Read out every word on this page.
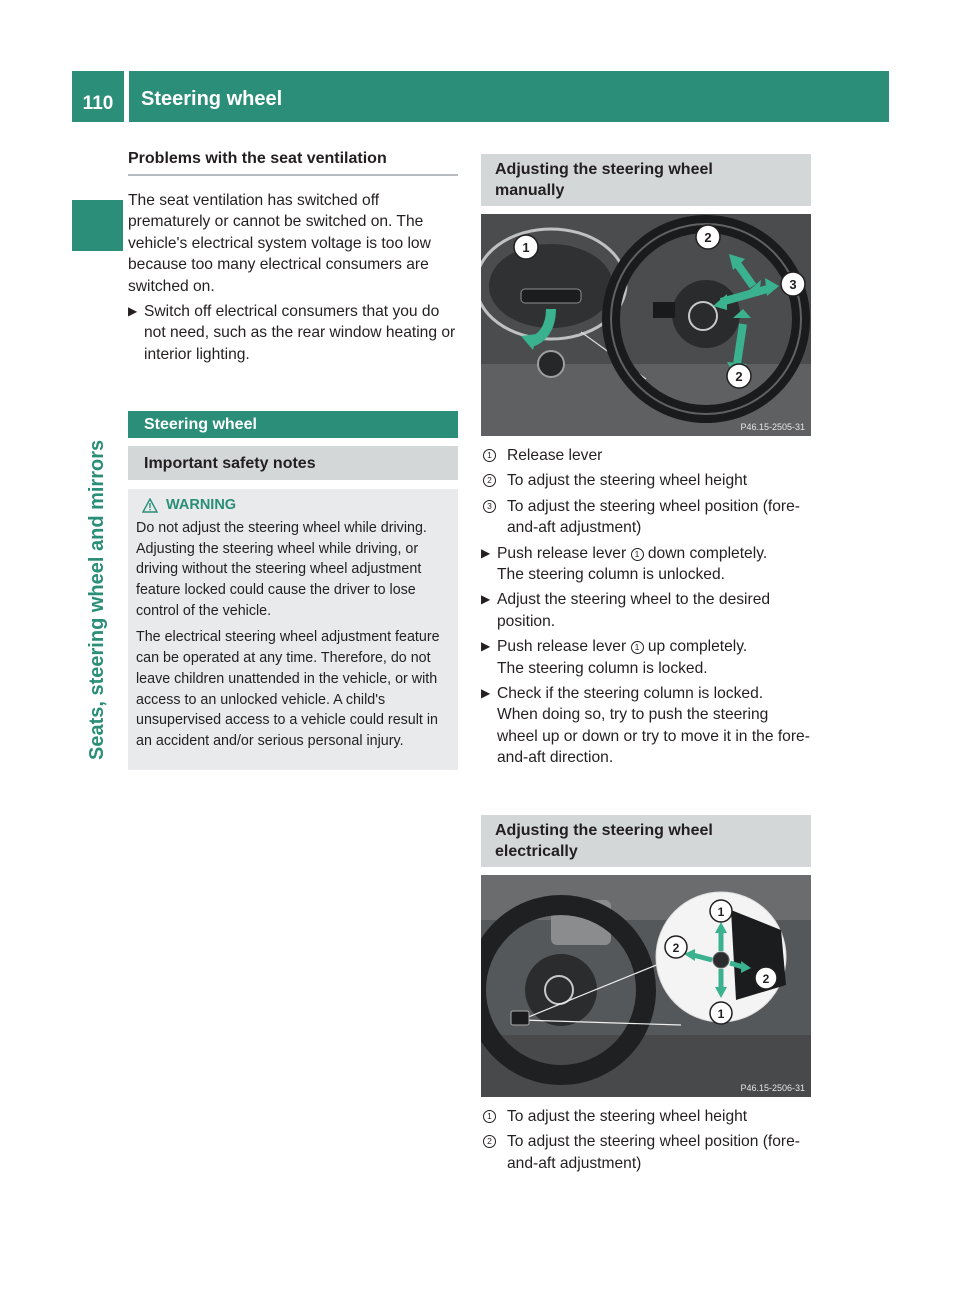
110	Steering wheel
Seats, steering wheel and mirrors
Problems with the seat ventilation

The seat ventilation has switched off prematurely or cannot be switched on. The vehicle's electrical system voltage is too low because too many electrical consumers are switched on.

▶ Switch off electrical consumers that you do not need, such as the rear window heating or interior lighting.
Steering wheel
Important safety notes
WARNING

Do not adjust the steering wheel while driving. Adjusting the steering wheel while driving, or driving without the steering wheel adjustment feature locked could cause the driver to lose control of the vehicle.

The electrical steering wheel adjustment feature can be operated at any time. Therefore, do not leave children unattended in the vehicle, or with access to an unlocked vehicle. A child's unsupervised access to a vehicle could result in an accident and/or serious personal injury.

Adjusting the steering wheel manually
1
2
3
2
P46.15-2505-31
1 Release lever
2 To adjust the steering wheel height
3 To adjust the steering wheel position (fore-and-aft adjustment)
▶ Push release lever 1 down completely.
The steering column is unlocked.
▶ Adjust the steering wheel to the desired position.
▶ Push release lever 1 up completely.
The steering column is locked.
▶ Check if the steering column is locked.
When doing so, try to push the steering wheel up or down or try to move it in the fore-and-aft direction.
Adjusting the steering wheel electrically
1
2
2
1
P46.15-2506-31
1 To adjust the steering wheel height
2 To adjust the steering wheel position (fore-and-aft adjustment)
